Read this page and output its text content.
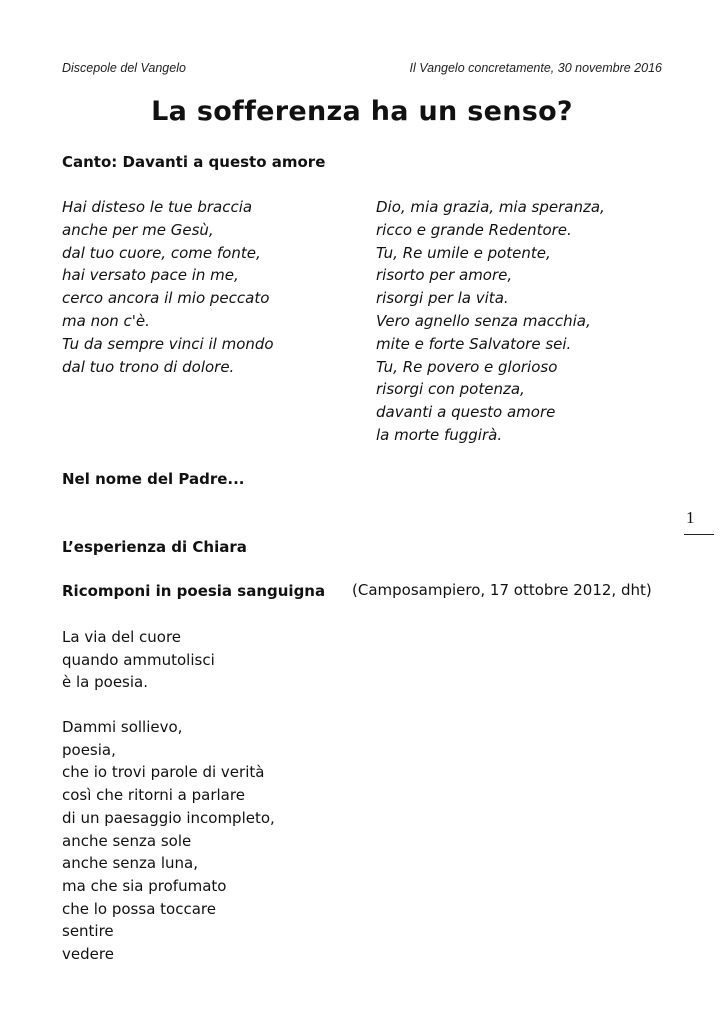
Discepole del Vangelo	Il Vangelo concretamente, 30 novembre 2016
La sofferenza ha un senso?
Canto: Davanti a questo amore
Hai disteso le tue braccia
anche per me Gesù,
dal tuo cuore, come fonte,
hai versato pace in me,
cerco ancora il mio peccato
ma non c'è.
Tu da sempre vinci il mondo
dal tuo trono di dolore.
Dio, mia grazia, mia speranza,
ricco e grande Redentore.
Tu, Re umile e potente,
risorto per amore,
risorgi per la vita.
Vero agnello senza macchia,
mite e forte Salvatore sei.
Tu, Re povero e glorioso
risorgi con potenza,
davanti a questo amore
la morte fuggirà.
Nel nome del Padre...
1
L’esperienza di Chiara
Ricomponi in poesia sanguigna (Camposampiero, 17 ottobre 2012, dht)
La via del cuore
quando ammutolisci
è la poesia.
Dammi sollievo,
poesia,
che io trovi parole di verità
così che ritorni a parlare
di un paesaggio incompleto,
anche senza sole
anche senza luna,
ma che sia profumato
che lo possa toccare
sentire
vedere
